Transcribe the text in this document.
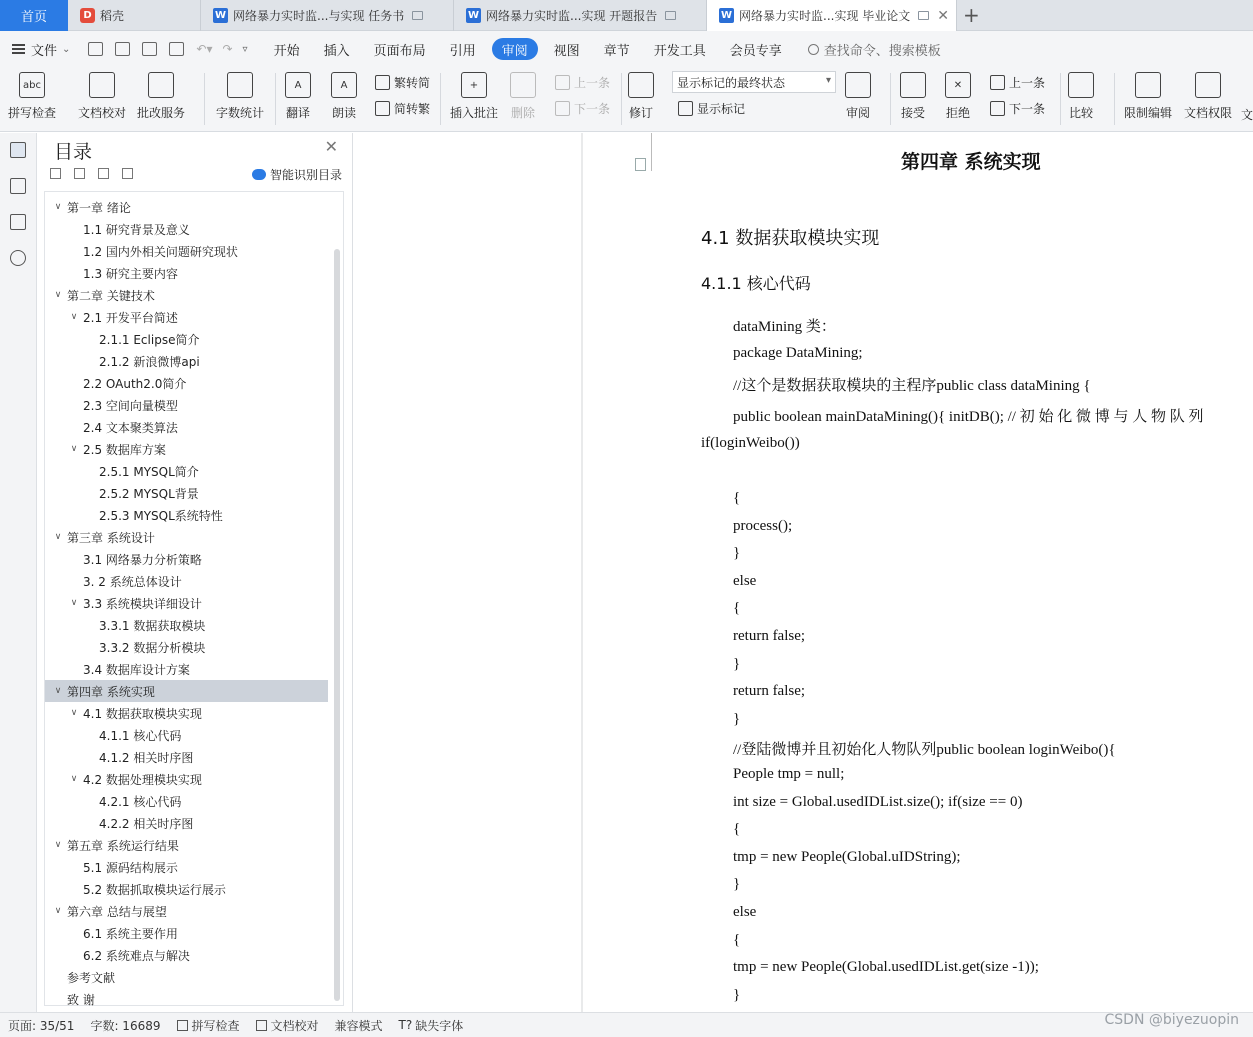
首页	D 稻壳	W 网络暴力实时监...与实现 任务书	W 网络暴力实时监...实现 开题报告	W 网络暴力实时监...实现 毕业论文 ✕ +
文件 ⌄	↶▾ ↷ ▿	开始	插入	页面布局	引用	审阅	视图	章节	开发工具	会员专享	查找命令、搜索模板
abc
拼写检查 文档校对 批改服务	字数统计
A
翻译
A
朗读
繁转简
简转繁
+
插入批注 删除
上一条
下一条 修订
显示标记的最终状态
▾
显示标记	审阅	接受
✕
拒绝
上一条
下一条 比较	限制编辑 文档权限 文
目录	✕
智能识别目录
∨ 第一章 绪论
1.1 研究背景及意义
1.2 国内外相关问题研究现状
1.3 研究主要内容
∨ 第二章 关键技术
∨ 2.1 开发平台简述
2.1.1 Eclipse简介
2.1.2 新浪微博api
2.2 OAuth2.0简介
2.3 空间向量模型
2.4 文本聚类算法
∨ 2.5 数据库方案
2.5.1 MYSQL简介
2.5.2 MYSQL背景
2.5.3 MYSQL系统特性
∨ 第三章 系统设计
3.1 网络暴力分析策略
3. 2 系统总体设计
∨ 3.3 系统模块详细设计
3.3.1 数据获取模块
3.3.2 数据分析模块
3.4 数据库设计方案
∨ 第四章 系统实现
∨ 4.1 数据获取模块实现
4.1.1 核心代码
4.1.2 相关时序图
∨ 4.2 数据处理模块实现
4.2.1 核心代码
4.2.2 相关时序图
∨ 第五章 系统运行结果
5.1 源码结构展示
5.2 数据抓取模块运行展示
∨ 第六章 总结与展望
6.1 系统主要作用
6.2 系统难点与解决
参考文献
致 谢
第四章 系统实现
4.1 数据获取模块实现
4.1.1 核心代码
dataMining 类：
package DataMining;
//这个是数据获取模块的主程序public class dataMining {
public boolean mainDataMining(){ initDB(); // 初 始 化 微 博 与 人 物 队 列
if(loginWeibo())
{
process();
}
else
{
return false;
}
return false;
}
//登陆微博并且初始化人物队列public boolean loginWeibo(){
People tmp = null;
int size = Global.usedIDList.size(); if(size == 0)
{
tmp = new People(Global.uIDString);
}
else
{
tmp = new People(Global.usedIDList.get(size -1));
}
页面: 35/51 字数: 16689	拼写检查	文档校对 兼容模式 T? 缺失字体	CSDN @biyezuopin
